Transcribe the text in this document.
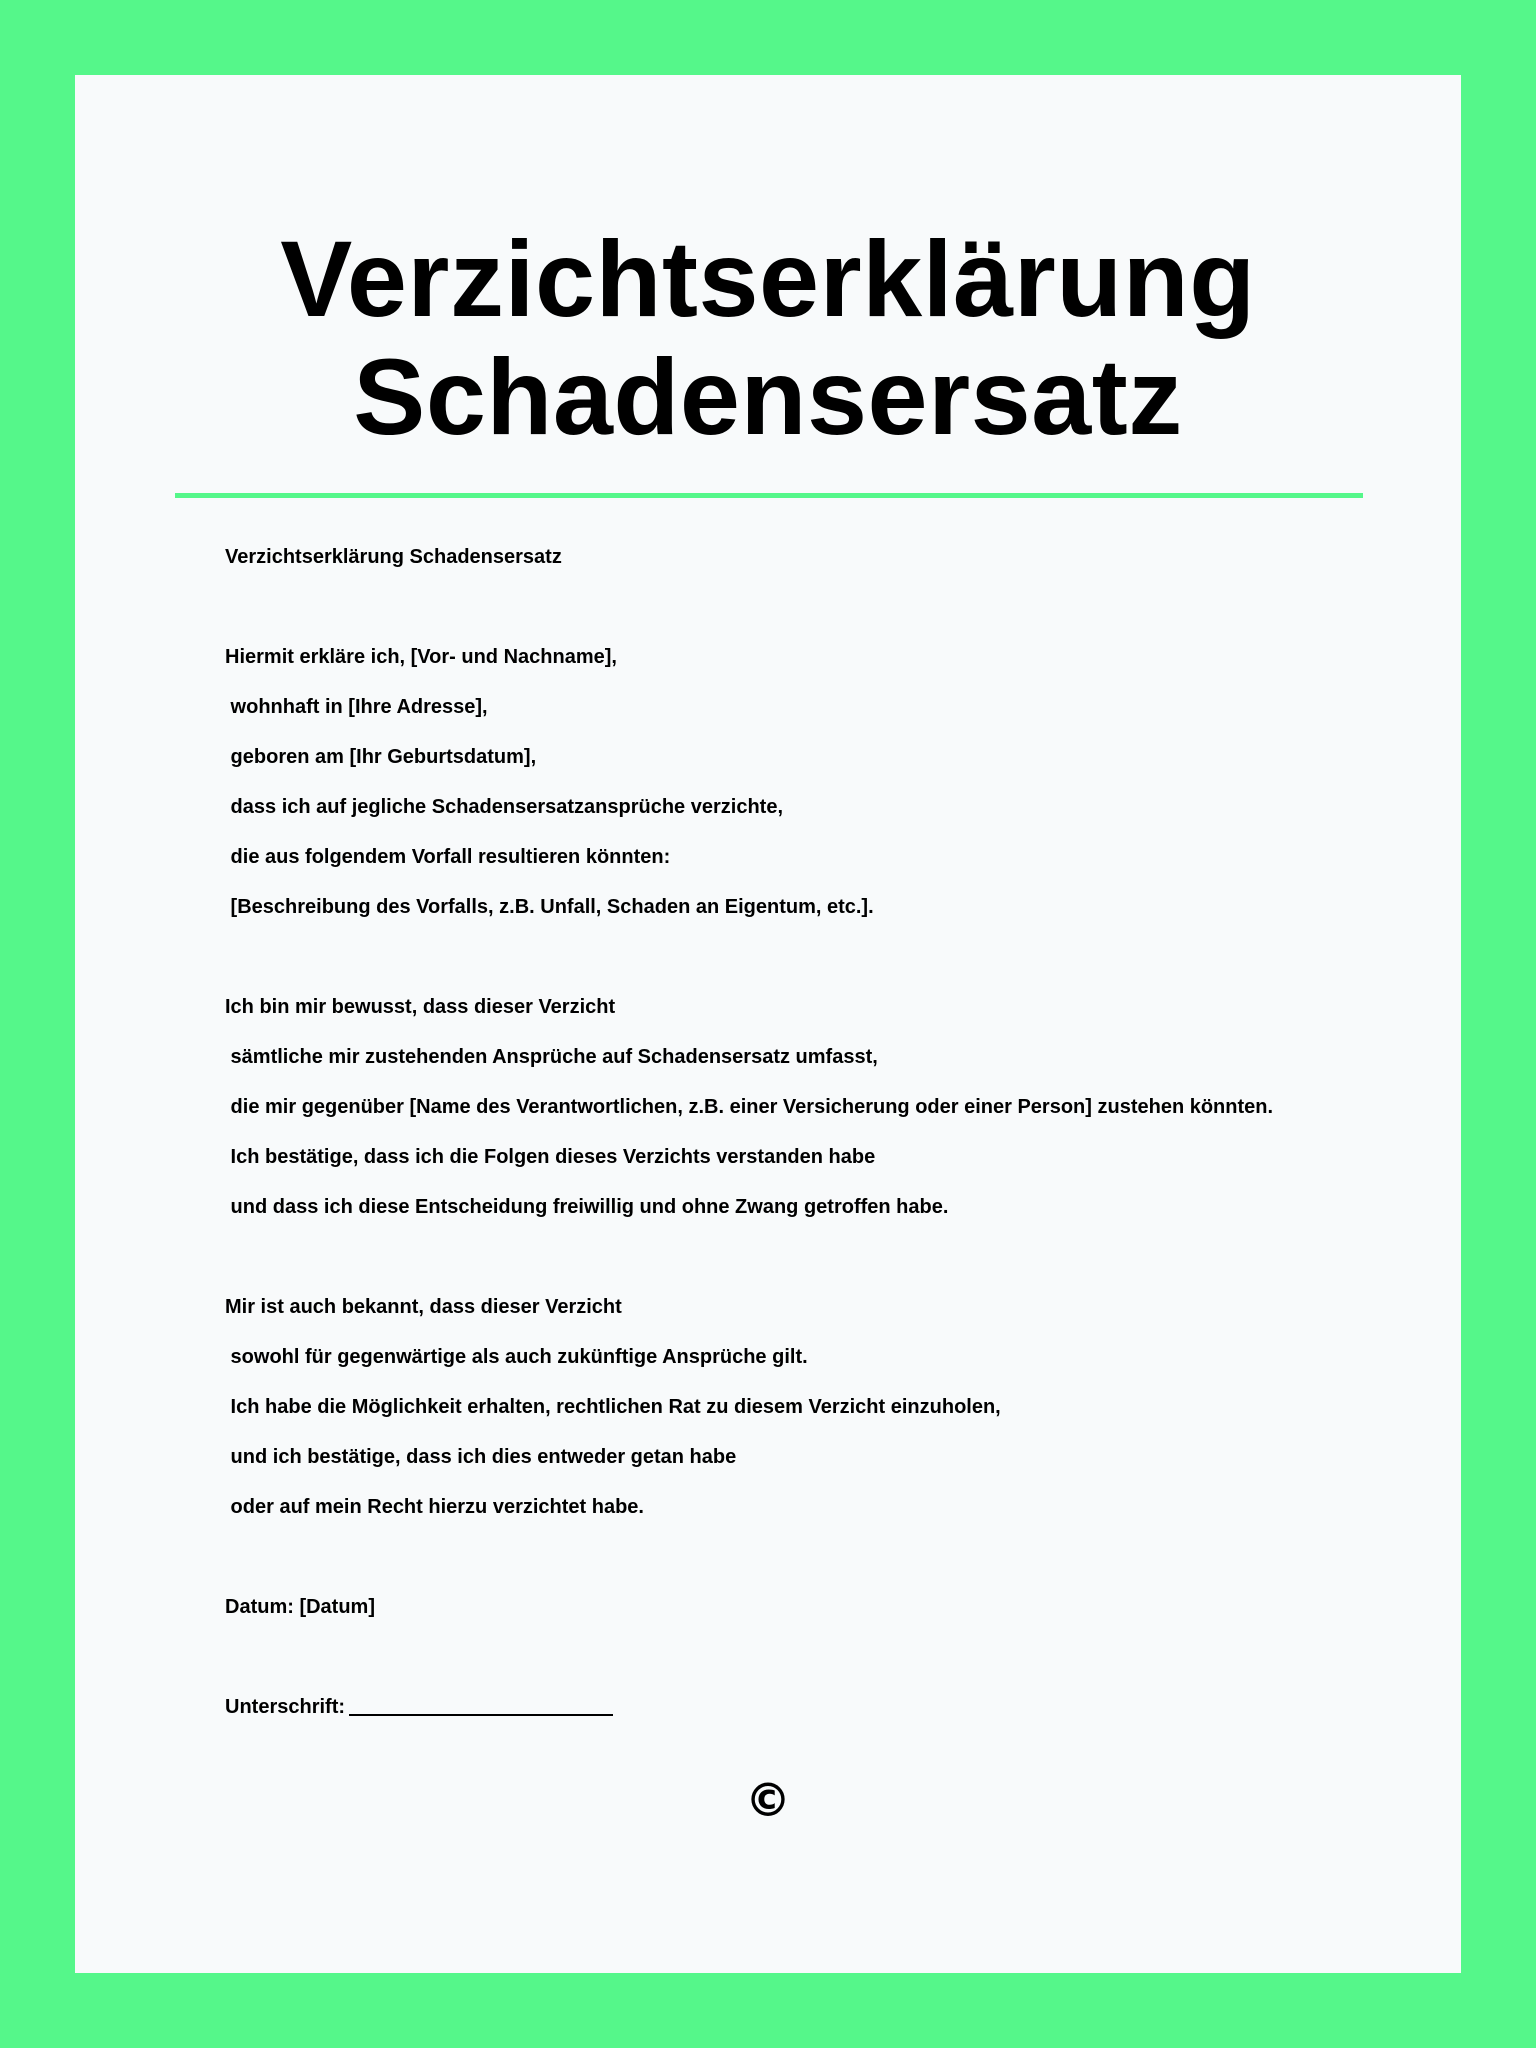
Verzichtserklärung
Schadensersatz
Verzichtserklärung Schadensersatz
Hiermit erkläre ich, [Vor- und Nachname],
wohnhaft in [Ihre Adresse],
geboren am [Ihr Geburtsdatum],
dass ich auf jegliche Schadensersatzansprüche verzichte,
die aus folgendem Vorfall resultieren könnten:
[Beschreibung des Vorfalls, z.B. Unfall, Schaden an Eigentum, etc.].
Ich bin mir bewusst, dass dieser Verzicht
sämtliche mir zustehenden Ansprüche auf Schadensersatz umfasst,
die mir gegenüber [Name des Verantwortlichen, z.B. einer Versicherung oder einer Person] zustehen könnten.
Ich bestätige, dass ich die Folgen dieses Verzichts verstanden habe
und dass ich diese Entscheidung freiwillig und ohne Zwang getroffen habe.
Mir ist auch bekannt, dass dieser Verzicht
sowohl für gegenwärtige als auch zukünftige Ansprüche gilt.
Ich habe die Möglichkeit erhalten, rechtlichen Rat zu diesem Verzicht einzuholen,
und ich bestätige, dass ich dies entweder getan habe
oder auf mein Recht hierzu verzichtet habe.
Datum: [Datum]
Unterschrift:
©
